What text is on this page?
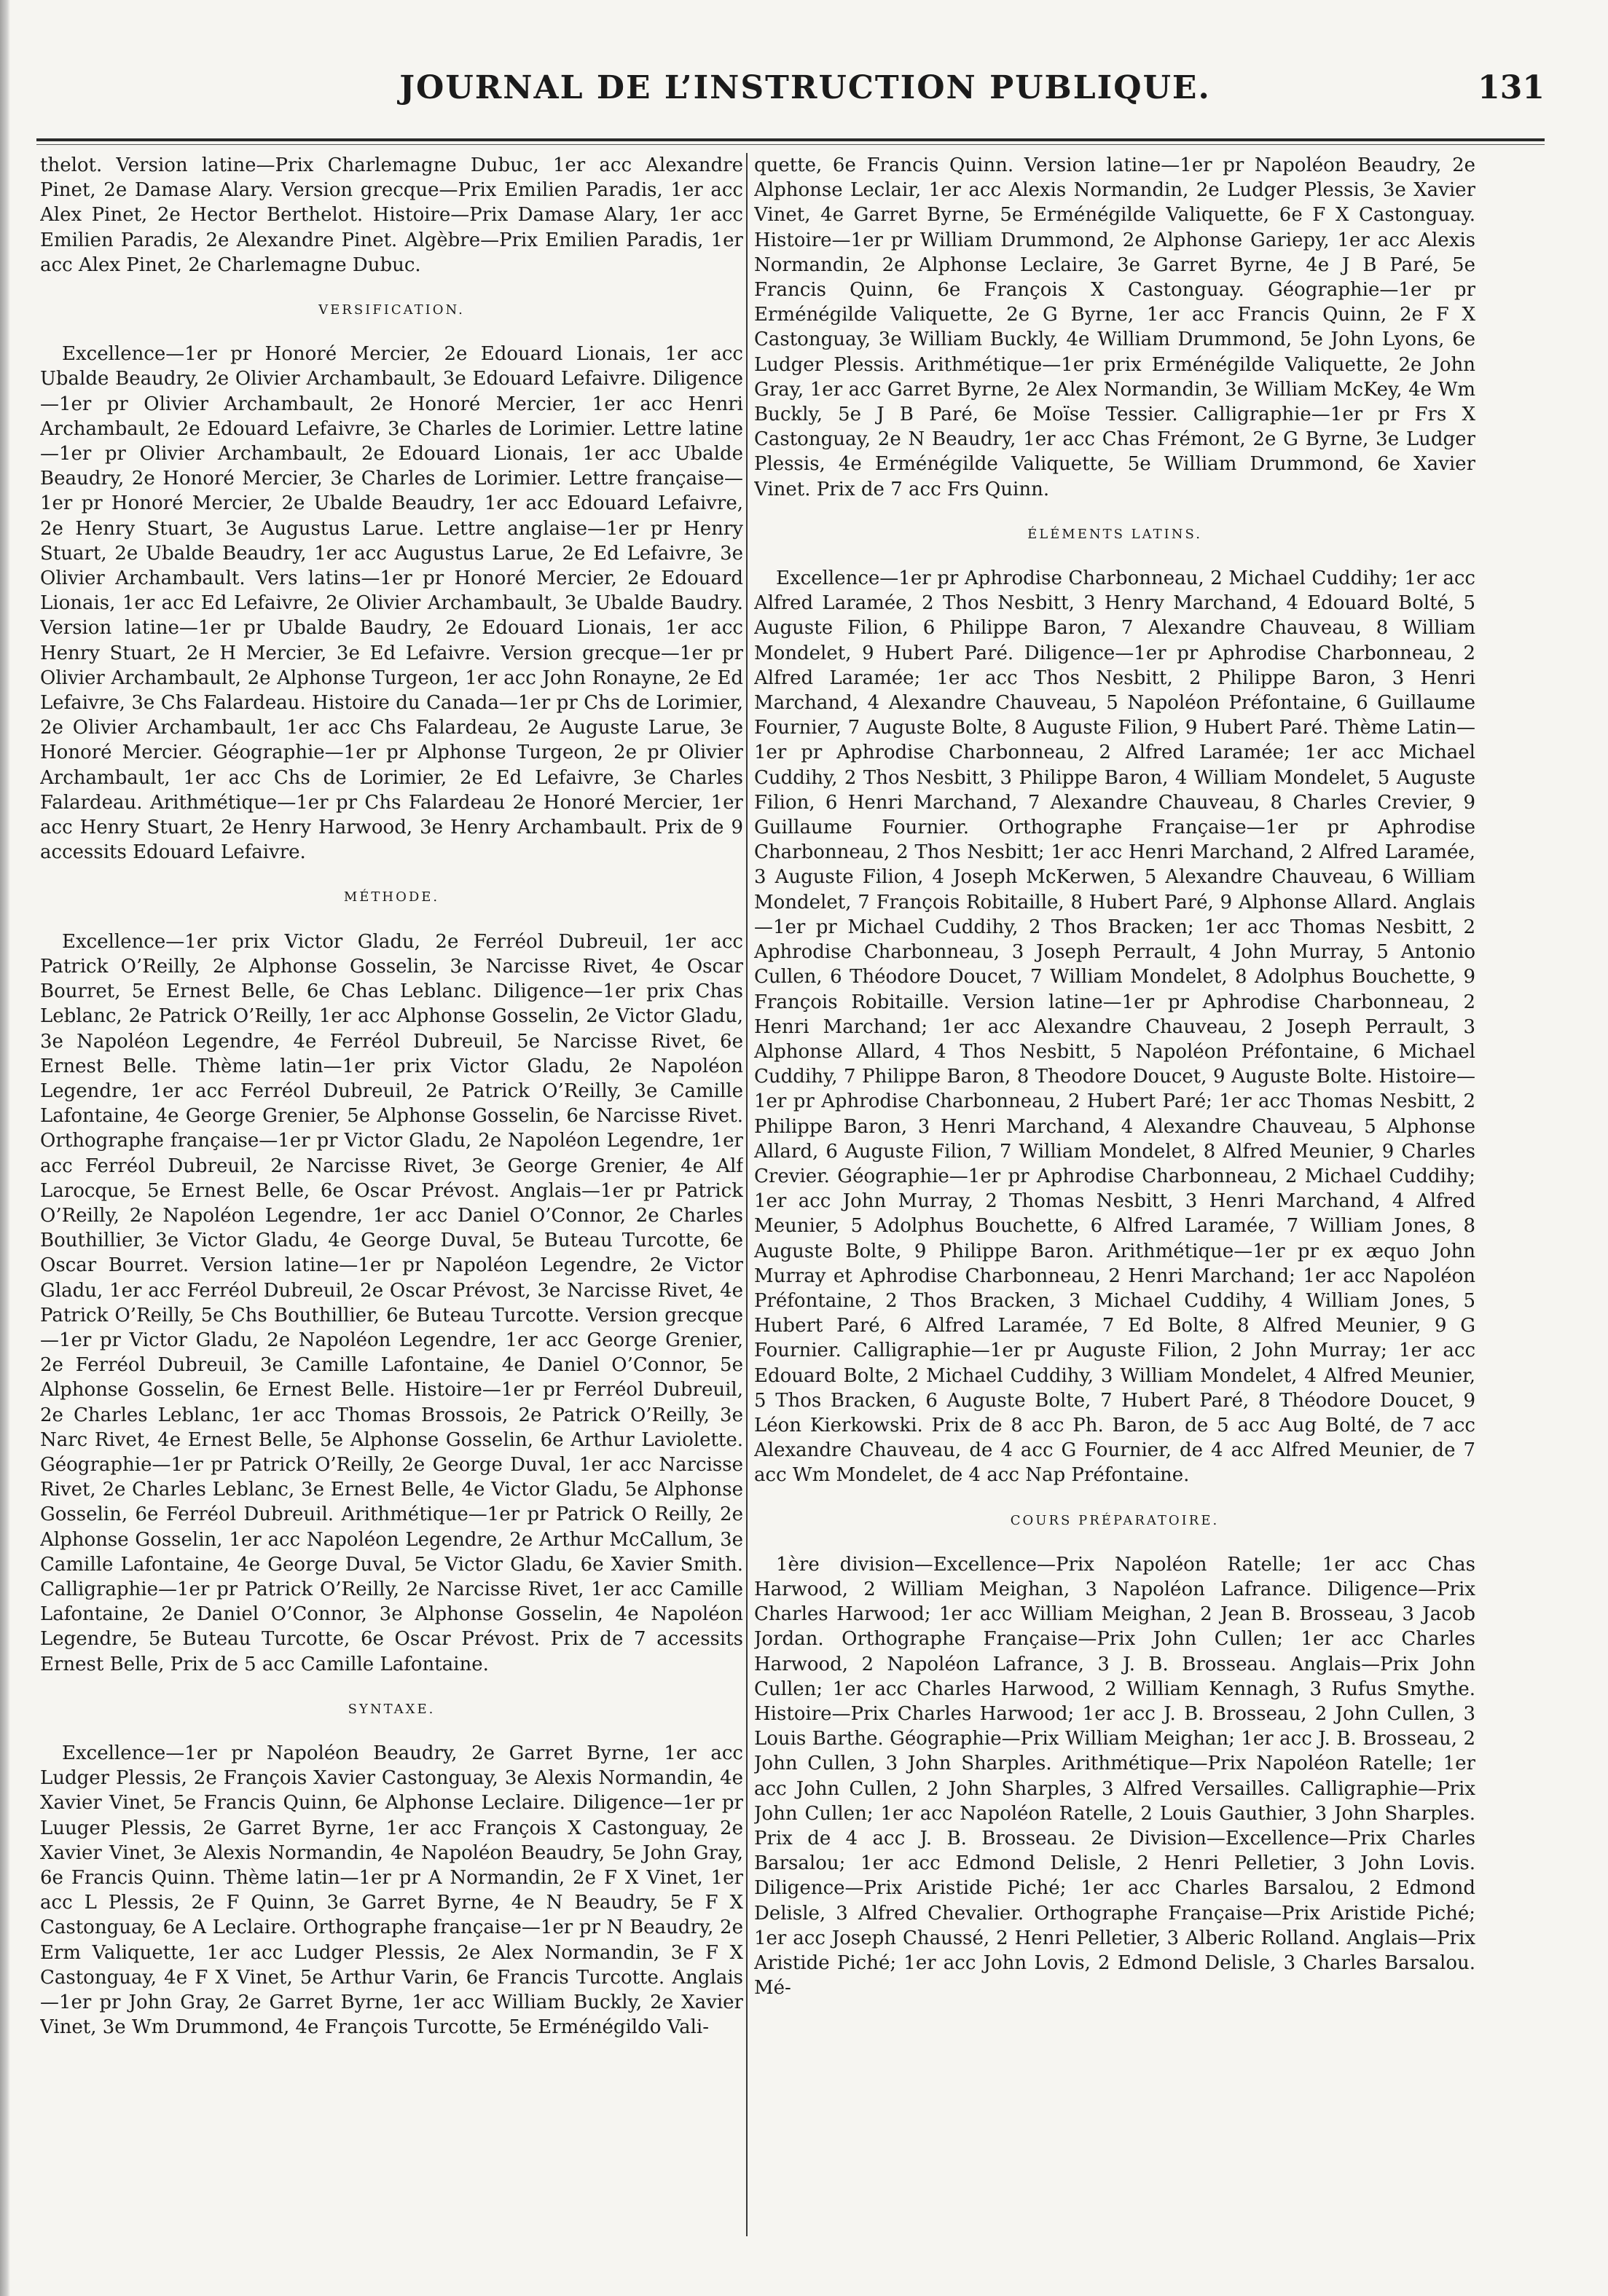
JOURNAL DE L’INSTRUCTION PUBLIQUE.	131

thelot. Version latine—Prix Charlemagne Dubuc, 1er acc Alexandre Pinet, 2e Damase Alary. Version grecque—Prix Emilien Paradis, 1er acc Alex Pinet, 2e Hector Berthelot. Histoire—Prix Damase Alary, 1er acc Emilien Paradis, 2e Alexandre Pinet. Algèbre—Prix Emilien Paradis, 1er acc Alex Pinet, 2e Charlemagne Dubuc.

VERSIFICATION.

Excellence—1er pr Honoré Mercier, 2e Edouard Lionais, 1er acc Ubalde Beaudry, 2e Olivier Archambault, 3e Edouard Lefaivre. Diligence—1er pr Olivier Archambault, 2e Honoré Mercier, 1er acc Henri Archambault, 2e Edouard Lefaivre, 3e Charles de Lorimier. Lettre latine—1er pr Olivier Archambault, 2e Edouard Lionais, 1er acc Ubalde Beaudry, 2e Honoré Mercier, 3e Charles de Lorimier. Lettre française—1er pr Honoré Mercier, 2e Ubalde Beaudry, 1er acc Edouard Lefaivre, 2e Henry Stuart, 3e Augustus Larue. Lettre anglaise—1er pr Henry Stuart, 2e Ubalde Beaudry, 1er acc Augustus Larue, 2e Ed Lefaivre, 3e Olivier Archambault. Vers latins—1er pr Honoré Mercier, 2e Edouard Lionais, 1er acc Ed Lefaivre, 2e Olivier Archambault, 3e Ubalde Baudry. Version latine—1er pr Ubalde Baudry, 2e Edouard Lionais, 1er acc Henry Stuart, 2e H Mercier, 3e Ed Lefaivre. Version grecque—1er pr Olivier Archambault, 2e Alphonse Turgeon, 1er acc John Ronayne, 2e Ed Lefaivre, 3e Chs Falardeau. Histoire du Canada—1er pr Chs de Lorimier, 2e Olivier Archambault, 1er acc Chs Falardeau, 2e Auguste Larue, 3e Honoré Mercier. Géographie—1er pr Alphonse Turgeon, 2e pr Olivier Archambault, 1er acc Chs de Lorimier, 2e Ed Lefaivre, 3e Charles Falardeau. Arithmétique—1er pr Chs Falardeau 2e Honoré Mercier, 1er acc Henry Stuart, 2e Henry Harwood, 3e Henry Archambault. Prix de 9 accessits Edouard Lefaivre.

MÉTHODE.

Excellence—1er prix Victor Gladu, 2e Ferréol Dubreuil, 1er acc Patrick O’Reilly, 2e Alphonse Gosselin, 3e Narcisse Rivet, 4e Oscar Bourret, 5e Ernest Belle, 6e Chas Leblanc. Diligence—1er prix Chas Leblanc, 2e Patrick O’Reilly, 1er acc Alphonse Gosselin, 2e Victor Gladu, 3e Napoléon Legendre, 4e Ferréol Dubreuil, 5e Narcisse Rivet, 6e Ernest Belle. Thème latin—1er prix Victor Gladu, 2e Napoléon Legendre, 1er acc Ferréol Dubreuil, 2e Patrick O’Reilly, 3e Camille Lafontaine, 4e George Grenier, 5e Alphonse Gosselin, 6e Narcisse Rivet. Orthographe française—1er pr Victor Gladu, 2e Napoléon Legendre, 1er acc Ferréol Dubreuil, 2e Narcisse Rivet, 3e George Grenier, 4e Alf Larocque, 5e Ernest Belle, 6e Oscar Prévost. Anglais—1er pr Patrick O’Reilly, 2e Napoléon Legendre, 1er acc Daniel O’Connor, 2e Charles Bouthillier, 3e Victor Gladu, 4e George Duval, 5e Buteau Turcotte, 6e Oscar Bourret. Version latine—1er pr Napoléon Legendre, 2e Victor Gladu, 1er acc Ferréol Dubreuil, 2e Oscar Prévost, 3e Narcisse Rivet, 4e Patrick O’Reilly, 5e Chs Bouthillier, 6e Buteau Turcotte. Version grecque—1er pr Victor Gladu, 2e Napoléon Legendre, 1er acc George Grenier, 2e Ferréol Dubreuil, 3e Camille Lafontaine, 4e Daniel O’Connor, 5e Alphonse Gosselin, 6e Ernest Belle. Histoire—1er pr Ferréol Dubreuil, 2e Charles Leblanc, 1er acc Thomas Brossois, 2e Patrick O’Reilly, 3e Narc Rivet, 4e Ernest Belle, 5e Alphonse Gosselin, 6e Arthur Laviolette. Géographie—1er pr Patrick O’Reilly, 2e George Duval, 1er acc Narcisse Rivet, 2e Charles Leblanc, 3e Ernest Belle, 4e Victor Gladu, 5e Alphonse Gosselin, 6e Ferréol Dubreuil. Arithmétique—1er pr Patrick O Reilly, 2e Alphonse Gosselin, 1er acc Napoléon Legendre, 2e Arthur McCallum, 3e Camille Lafontaine, 4e George Duval, 5e Victor Gladu, 6e Xavier Smith. Calligraphie—1er pr Patrick O’Reilly, 2e Narcisse Rivet, 1er acc Camille Lafontaine, 2e Daniel O’Connor, 3e Alphonse Gosselin, 4e Napoléon Legendre, 5e Buteau Turcotte, 6e Oscar Prévost. Prix de 7 accessits Ernest Belle, Prix de 5 acc Camille Lafontaine.

SYNTAXE.

Excellence—1er pr Napoléon Beaudry, 2e Garret Byrne, 1er acc Ludger Plessis, 2e François Xavier Castonguay, 3e Alexis Normandin, 4e Xavier Vinet, 5e Francis Quinn, 6e Alphonse Leclaire. Diligence—1er pr Luuger Plessis, 2e Garret Byrne, 1er acc François X Castonguay, 2e Xavier Vinet, 3e Alexis Normandin, 4e Napoléon Beaudry, 5e John Gray, 6e Francis Quinn. Thème latin—1er pr A Normandin, 2e F X Vinet, 1er acc L Plessis, 2e F Quinn, 3e Garret Byrne, 4e N Beaudry, 5e F X Castonguay, 6e A Leclaire. Orthographe française—1er pr N Beaudry, 2e Erm Valiquette, 1er acc Ludger Plessis, 2e Alex Normandin, 3e F X Castonguay, 4e F X Vinet, 5e Arthur Varin, 6e Francis Turcotte. Anglais—1er pr John Gray, 2e Garret Byrne, 1er acc William Buckly, 2e Xavier Vinet, 3e Wm Drummond, 4e François Turcotte, 5e Erménégildo Vali-

quette, 6e Francis Quinn. Version latine—1er pr Napoléon Beaudry, 2e Alphonse Leclair, 1er acc Alexis Normandin, 2e Ludger Plessis, 3e Xavier Vinet, 4e Garret Byrne, 5e Erménégilde Valiquette, 6e F X Castonguay. Histoire—1er pr William Drummond, 2e Alphonse Gariepy, 1er acc Alexis Normandin, 2e Alphonse Leclaire, 3e Garret Byrne, 4e J B Paré, 5e Francis Quinn, 6e François X Castonguay. Géographie—1er pr Erménégilde Valiquette, 2e G Byrne, 1er acc Francis Quinn, 2e F X Castonguay, 3e William Buckly, 4e William Drummond, 5e John Lyons, 6e Ludger Plessis. Arithmétique—1er prix Erménégilde Valiquette, 2e John Gray, 1er acc Garret Byrne, 2e Alex Normandin, 3e William McKey, 4e Wm Buckly, 5e J B Paré, 6e Moïse Tessier. Calligraphie—1er pr Frs X Castonguay, 2e N Beaudry, 1er acc Chas Frémont, 2e G Byrne, 3e Ludger Plessis, 4e Erménégilde Valiquette, 5e William Drummond, 6e Xavier Vinet. Prix de 7 acc Frs Quinn.

ÉLÉMENTS LATINS.

Excellence—1er pr Aphrodise Charbonneau, 2 Michael Cuddihy; 1er acc Alfred Laramée, 2 Thos Nesbitt, 3 Henry Marchand, 4 Edouard Bolté, 5 Auguste Filion, 6 Philippe Baron, 7 Alexandre Chauveau, 8 William Mondelet, 9 Hubert Paré. Diligence—1er pr Aphrodise Charbonneau, 2 Alfred Laramée; 1er acc Thos Nesbitt, 2 Philippe Baron, 3 Henri Marchand, 4 Alexandre Chauveau, 5 Napoléon Préfontaine, 6 Guillaume Fournier, 7 Auguste Bolte, 8 Auguste Filion, 9 Hubert Paré. Thème Latin—1er pr Aphrodise Charbonneau, 2 Alfred Laramée; 1er acc Michael Cuddihy, 2 Thos Nesbitt, 3 Philippe Baron, 4 William Mondelet, 5 Auguste Filion, 6 Henri Marchand, 7 Alexandre Chauveau, 8 Charles Crevier, 9 Guillaume Fournier. Orthographe Française—1er pr Aphrodise Charbonneau, 2 Thos Nesbitt; 1er acc Henri Marchand, 2 Alfred Laramée, 3 Auguste Filion, 4 Joseph McKerwen, 5 Alexandre Chauveau, 6 William Mondelet, 7 François Robitaille, 8 Hubert Paré, 9 Alphonse Allard. Anglais—1er pr Michael Cuddihy, 2 Thos Bracken; 1er acc Thomas Nesbitt, 2 Aphrodise Charbonneau, 3 Joseph Perrault, 4 John Murray, 5 Antonio Cullen, 6 Théodore Doucet, 7 William Mondelet, 8 Adolphus Bouchette, 9 François Robitaille. Version latine—1er pr Aphrodise Charbonneau, 2 Henri Marchand; 1er acc Alexandre Chauveau, 2 Joseph Perrault, 3 Alphonse Allard, 4 Thos Nesbitt, 5 Napoléon Préfontaine, 6 Michael Cuddihy, 7 Philippe Baron, 8 Theodore Doucet, 9 Auguste Bolte. Histoire—1er pr Aphrodise Charbonneau, 2 Hubert Paré; 1er acc Thomas Nesbitt, 2 Philippe Baron, 3 Henri Marchand, 4 Alexandre Chauveau, 5 Alphonse Allard, 6 Auguste Filion, 7 William Mondelet, 8 Alfred Meunier, 9 Charles Crevier. Géographie—1er pr Aphrodise Charbonneau, 2 Michael Cuddihy; 1er acc John Murray, 2 Thomas Nesbitt, 3 Henri Marchand, 4 Alfred Meunier, 5 Adolphus Bouchette, 6 Alfred Laramée, 7 William Jones, 8 Auguste Bolte, 9 Philippe Baron. Arithmétique—1er pr ex æquo John Murray et Aphrodise Charbonneau, 2 Henri Marchand; 1er acc Napoléon Préfontaine, 2 Thos Bracken, 3 Michael Cuddihy, 4 William Jones, 5 Hubert Paré, 6 Alfred Laramée, 7 Ed Bolte, 8 Alfred Meunier, 9 G Fournier. Calligraphie—1er pr Auguste Filion, 2 John Murray; 1er acc Edouard Bolte, 2 Michael Cuddihy, 3 William Mondelet, 4 Alfred Meunier, 5 Thos Bracken, 6 Auguste Bolte, 7 Hubert Paré, 8 Théodore Doucet, 9 Léon Kierkowski. Prix de 8 acc Ph. Baron, de 5 acc Aug Bolté, de 7 acc Alexandre Chauveau, de 4 acc G Fournier, de 4 acc Alfred Meunier, de 7 acc Wm Mondelet, de 4 acc Nap Préfontaine.

COURS PRÉPARATOIRE.

1ère division—Excellence—Prix Napoléon Ratelle; 1er acc Chas Harwood, 2 William Meighan, 3 Napoléon Lafrance. Diligence—Prix Charles Harwood; 1er acc William Meighan, 2 Jean B. Brosseau, 3 Jacob Jordan. Orthographe Française—Prix John Cullen; 1er acc Charles Harwood, 2 Napoléon Lafrance, 3 J. B. Brosseau. Anglais—Prix John Cullen; 1er acc Charles Harwood, 2 William Kennagh, 3 Rufus Smythe. Histoire—Prix Charles Harwood; 1er acc J. B. Brosseau, 2 John Cullen, 3 Louis Barthe. Géographie—Prix William Meighan; 1er acc J. B. Brosseau, 2 John Cullen, 3 John Sharples. Arithmétique—Prix Napoléon Ratelle; 1er acc John Cullen, 2 John Sharples, 3 Alfred Versailles. Calligraphie—Prix John Cullen; 1er acc Napoléon Ratelle, 2 Louis Gauthier, 3 John Sharples. Prix de 4 acc J. B. Brosseau. 2e Division—Excellence—Prix Charles Barsalou; 1er acc Edmond Delisle, 2 Henri Pelletier, 3 John Lovis. Diligence—Prix Aristide Piché; 1er acc Charles Barsalou, 2 Edmond Delisle, 3 Alfred Chevalier. Orthographe Française—Prix Aristide Piché; 1er acc Joseph Chaussé, 2 Henri Pelletier, 3 Alberic Rolland. Anglais—Prix Aristide Piché; 1er acc John Lovis, 2 Edmond Delisle, 3 Charles Barsalou. Mé-
